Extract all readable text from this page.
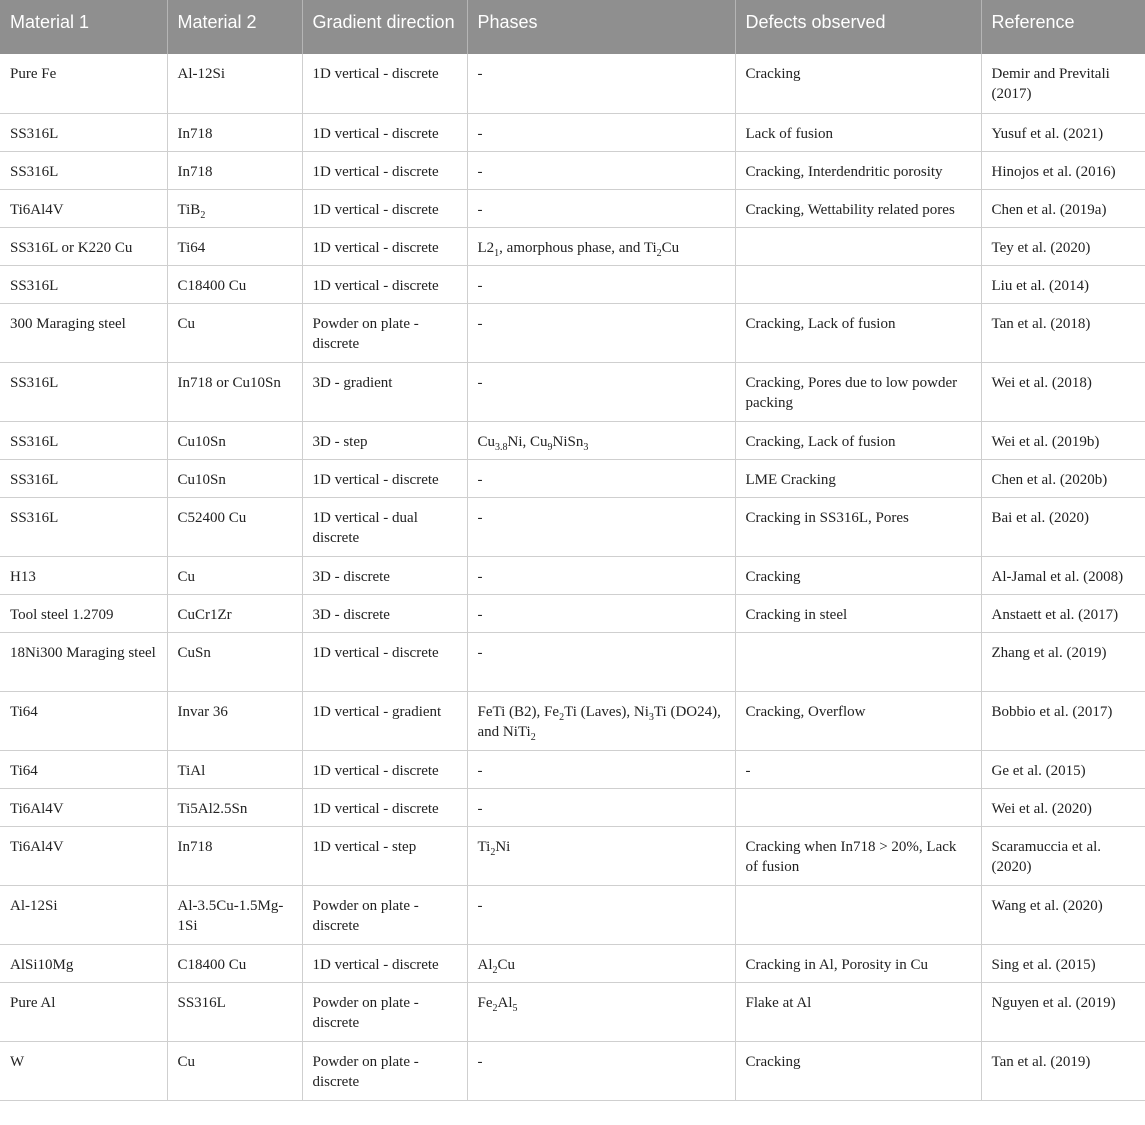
Material 1	Material 2	Gradient direction	Phases	Defects observed	Reference
Pure Fe	Al-12Si	1D vertical - discrete	-	Cracking	Demir and Previtali (2017)
SS316L	In718	1D vertical - discrete	-	Lack of fusion	Yusuf et al. (2021)
SS316L	In718	1D vertical - discrete	-	Cracking, Interdendritic porosity	Hinojos et al. (2016)
Ti6Al4V	TiB$_2$	1D vertical - discrete	-	Cracking, Wettability related pores	Chen et al. (2019a)
SS316L or K220 Cu	Ti64	1D vertical - discrete	$L2_1$, amorphous phase, and $Ti_2Cu$		Tey et al. (2020)
SS316L	C18400 Cu	1D vertical - discrete	-		Liu et al. (2014)
300 Maraging steel	Cu	Powder on plate - discrete	-	Cracking, Lack of fusion	Tan et al. (2018)
SS316L	In718 or Cu10Sn	3D - gradient	-	Cracking, Pores due to low powder packing	Wei et al. (2018)
SS316L	Cu10Sn	3D - step	$Cu_{3.8}Ni$, $Cu_9NiSn_3$	Cracking, Lack of fusion	Wei et al. (2019b)
SS316L	Cu10Sn	1D vertical - discrete	-	LME Cracking	Chen et al. (2020b)
SS316L	C52400 Cu	1D vertical - dual discrete	-	Cracking in SS316L, Pores	Bai et al. (2020)
H13	Cu	3D - discrete	-	Cracking	Al-Jamal et al. (2008)
Tool steel 1.2709	CuCr1Zr	3D - discrete	-	Cracking in steel	Anstaett et al. (2017)
18Ni300 Maraging steel	CuSn	1D vertical - discrete	-		Zhang et al. (2019)
Ti64	Invar 36	1D vertical - gradient	FeTi (B2), $Fe_2Ti$ (Laves), $Ni_3Ti$ (DO24), and NiTi$_2$	Cracking, Overflow	Bobbio et al. (2017)
Ti64	TiAl	1D vertical - discrete	-	-	Ge et al. (2015)
Ti6Al4V	Ti5Al2.5Sn	1D vertical - discrete	-		Wei et al. (2020)
Ti6Al4V	In718	1D vertical - step	$Ti_2Ni$	Cracking when In718 > 20%, Lack of fusion	Scaramuccia et al. (2020)
Al-12Si	Al-3.5Cu-1.5Mg-1Si	Powder on plate - discrete	-		Wang et al. (2020)
AlSi10Mg	C18400 Cu	1D vertical - discrete	$Al_2Cu$	Cracking in Al, Porosity in Cu	Sing et al. (2015)
Pure Al	SS316L	Powder on plate - discrete	$Fe_2Al_5$	Flake at Al	Nguyen et al. (2019)
W	Cu	Powder on plate - discrete	-	Cracking	Tan et al. (2019)
